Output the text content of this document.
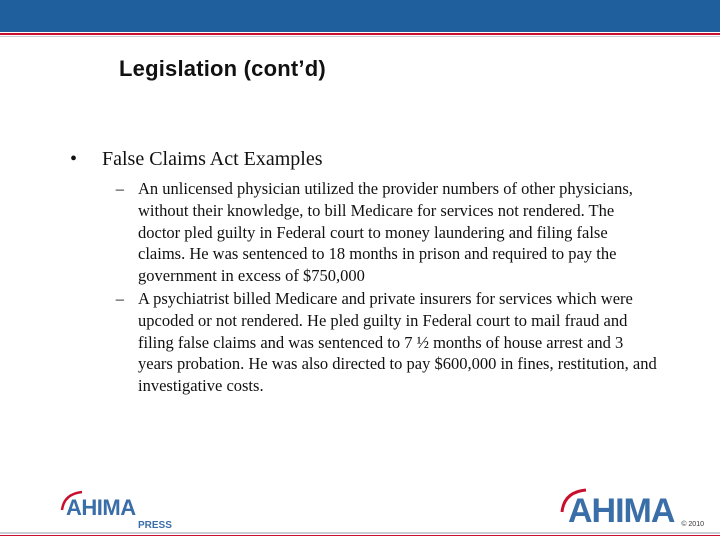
Legislation (cont’d)
•	False Claims Act Examples
– An unlicensed physician utilized the provider numbers of other physicians, without their knowledge, to bill Medicare for services not rendered. The doctor pled guilty in Federal court to money laundering and filing false claims. He was sentenced to 18 months in prison and required to pay the government in excess of $750,000
– A psychiatrist billed Medicare and private insurers for services which were upcoded or not rendered. He pled guilty in Federal court to mail fraud and filing false claims and was sentenced to 7 ½ months of house arrest and 3 years probation. He was also directed to pay $600,000 in fines, restitution, and investigative costs.
AHIMA
PRESS	AHIMA © 2010
